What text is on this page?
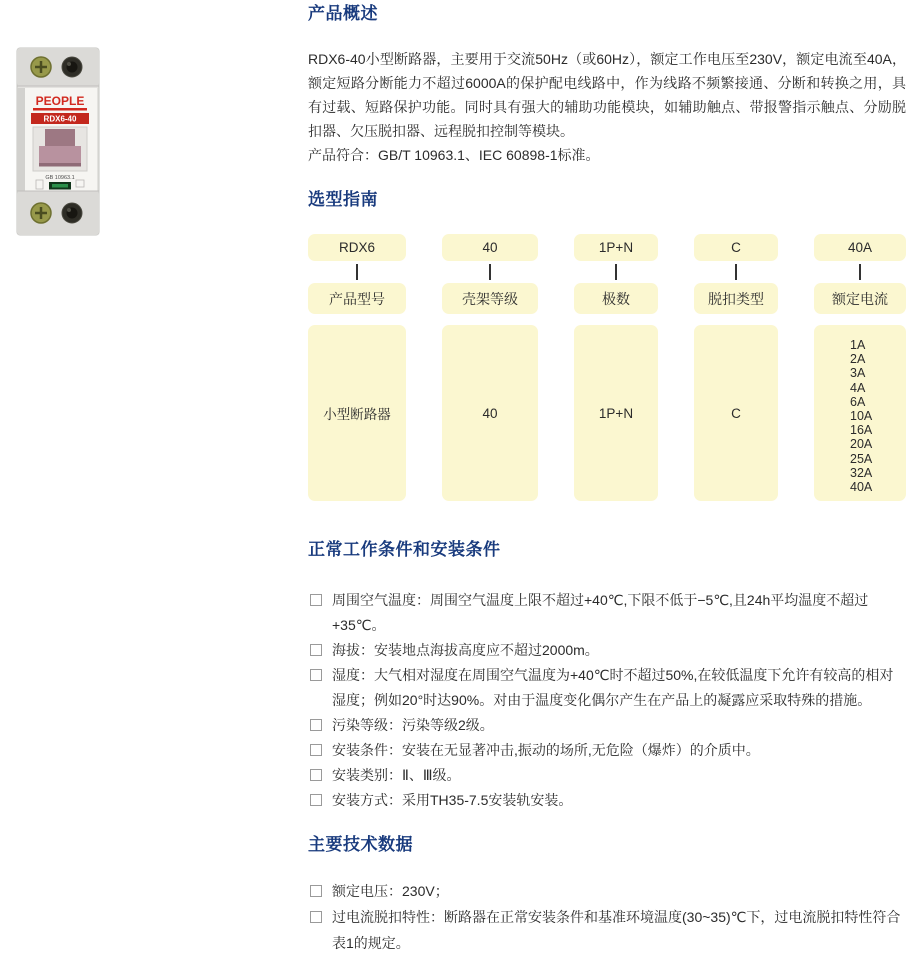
PEOPLE
RDX6-40
GB 10963.1
产品概述

RDX6-40小型断路器，主要用于交流50Hz（或60Hz），额定工作电压至230V，额定电流至40A，额定短路分断能力不超过6000A的保护配电线路中，作为线路不频繁接通、分断和转换之用，具有过载、短路保护功能。同时具有强大的辅助功能模块，如辅助触点、带报警指示触点、分励脱扣器、欠压脱扣器、远程脱扣控制等模块。

产品符合：GB/T 10963.1、IEC 60898-1标准。

选型指南
RDX6
产品型号
小型断路器
40
壳架等级
40
1P+N
极数
1P+N
C
脱扣类型
C
40A
额定电流
1A
2A
3A
4A
6A
10A
16A
20A
25A
32A
40A
正常工作条件和安装条件
周围空气温度：周围空气温度上限不超过+40℃,下限不低于−5℃,且24h平均温度不超过+35℃。
海拔：安装地点海拔高度应不超过2000m。
湿度：大气相对湿度在周围空气温度为+40℃时不超过50%,在较低温度下允许有较高的相对湿度；例如20°时达90%。对由于温度变化偶尔产生在产品上的凝露应采取特殊的措施。
污染等级：污染等级2级。
安装条件：安装在无显著冲击,振动的场所,无危险（爆炸）的介质中。
安装类别：Ⅱ、Ⅲ级。
安装方式：采用TH35-7.5安装轨安装。
主要技术数据
额定电压：230V；
过电流脱扣特性：断路器在正常安装条件和基准环境温度(30~35)℃下，过电流脱扣特性符合表1的规定。
